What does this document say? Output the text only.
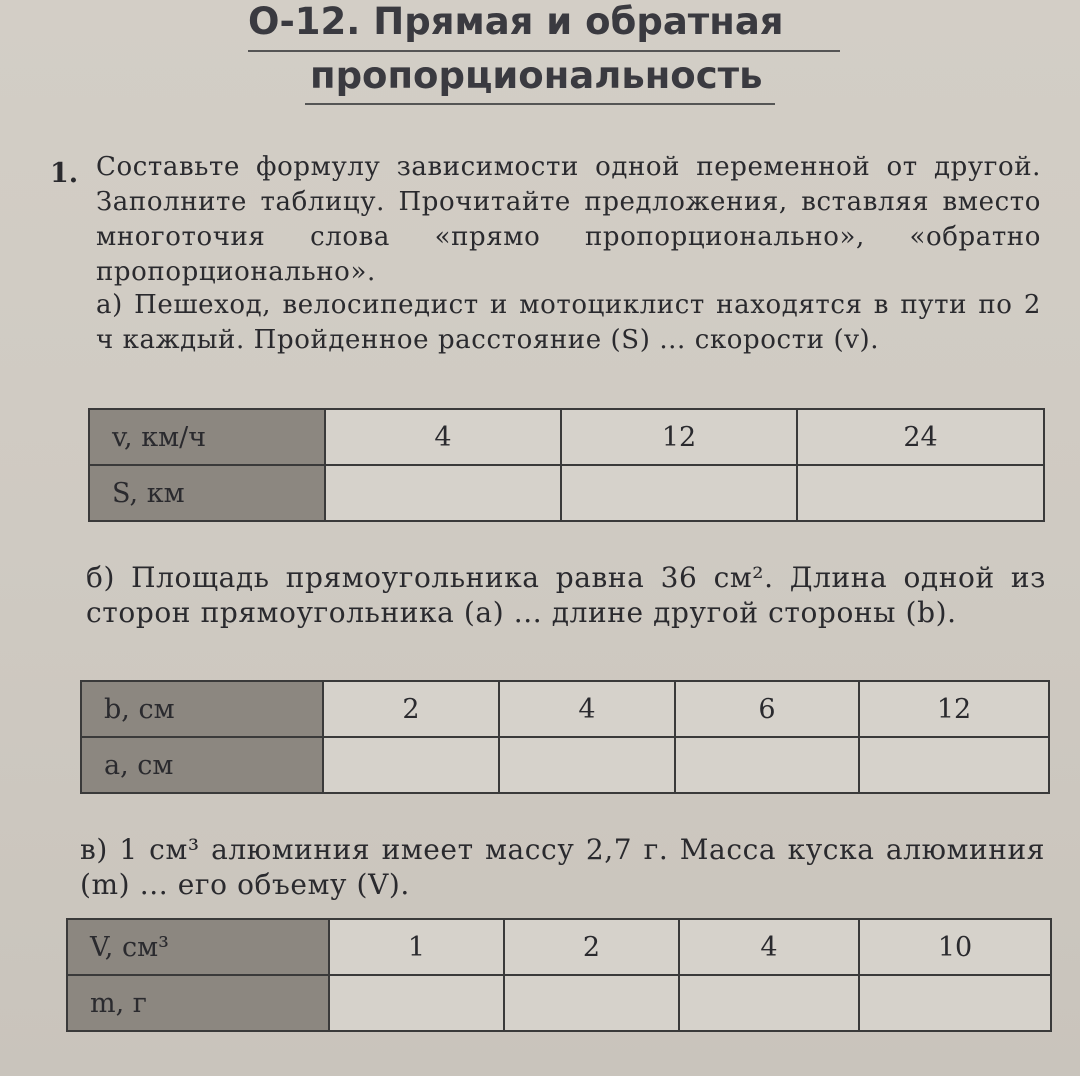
О-12. Прямая и обратная
пропорциональность
1. Составьте формулу зависимости одной переменной от другой. Заполните таблицу. Прочитайте предложения, вставляя вместо многоточия слова «прямо пропорционально», «обратно пропорционально».
а) Пешеход, велосипедист и мотоциклист находятся в пути по 2 ч каждый. Пройденное расстояние (S) ... скорости (v).
v, км/ч	4	12	24
S, км			
б) Площадь прямоугольника равна 36 см². Длина одной из сторон прямоугольника (a) ... длине другой стороны (b).
b, см	2	4	6	12
a, см				
в) 1 см³ алюминия имеет массу 2,7 г. Масса куска алюминия (m) ... его объему (V).
V, см³	1	2	4	10
m, г				
